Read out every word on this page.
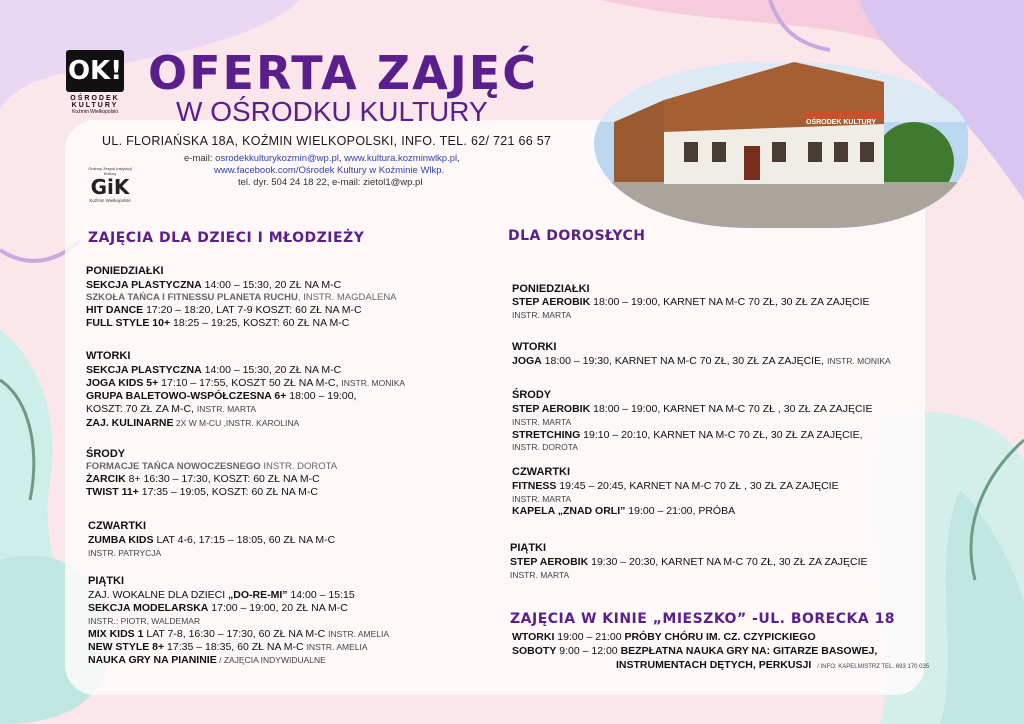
OK!
OŚRODEK
KULTURY
Koźmin Wielkopolski
Gminny Zespół Instytucji Kultury
GiK
Koźmin Wielkopolski
OFERTA ZAJĘĆ
W OŚRODKU KULTURY
UL. FLORIAŃSKA 18A, KOŹMIN WIELKOPOLSKI, INFO. TEL. 62/ 721 66 57
e-mail: osrodekkulturykozmin@wp.pl, www.kultura.kozminwlkp.pl,
www.facebook.com/Ośrodek Kultury w Koźminie Wlkp.
tel. dyr. 504 24 18 22, e-mail: zietol1@wp.pl
OŚRODEK KULTURY
ZAJĘCIA DLA DZIECI I MŁODZIEŻY
PONIEDZIAŁKI
SEKCJA PLASTYCZNA 14:00 – 15:30, 20 ZŁ NA M-C
SZKOŁA TAŃCA I FITNESSU PLANETA RUCHU, INSTR. MAGDALENA
HIT DANCE 17:20 – 18:20, LAT 7-9 KOSZT: 60 ZŁ NA M-C
FULL STYLE 10+ 18:25 – 19:25, KOSZT: 60 ZŁ NA M-C
WTORKI
SEKCJA PLASTYCZNA 14:00 – 15:30, 20 ZŁ NA M-C
JOGA KIDS 5+ 17:10 – 17:55, KOSZT 50 ZŁ NA M-C, INSTR. MONIKA
GRUPA BALETOWO-WSPÓŁCZESNA 6+ 18:00 – 19:00,
KOSZT: 70 ZŁ ZA M-C, INSTR. MARTA
ZAJ. KULINARNE 2X W M-CU ,INSTR. KAROLINA
ŚRODY
FORMACJE TAŃCA NOWOCZESNEGO INSTR. DOROTA
ŻARCIK 8+ 16:30 – 17:30, KOSZT: 60 ZŁ NA M-C
TWIST 11+ 17:35 – 19:05, KOSZT: 60 ZŁ NA M-C
CZWARTKI
ZUMBA KIDS LAT 4-6, 17:15 – 18:05, 60 ZŁ NA M-C
INSTR. PATRYCJA
PIĄTKI
ZAJ. WOKALNE DLA DZIECI „DO-RE-MI” 14:00 – 15:15
SEKCJA MODELARSKA 17:00 – 19:00, 20 ZŁ NA M-C
INSTR.: PIOTR, WALDEMAR
MIX KIDS 1 LAT 7-8, 16:30 – 17:30, 60 ZŁ NA M-C INSTR. AMELIA
NEW STYLE 8+ 17:35 – 18:35, 60 ZŁ NA M-C INSTR. AMELIA
NAUKA GRY NA PIANINIE / ZAJĘCIA INDYWIDUALNE
DLA DOROSŁYCH
PONIEDZIAŁKI
STEP AEROBIK 18:00 – 19:00, KARNET NA M-C 70 ZŁ, 30 ZŁ ZA ZAJĘCIE
INSTR. MARTA
WTORKI
JOGA 18:00 – 19:30, KARNET NA M-C 70 ZŁ, 30 ZŁ ZA ZAJĘCIE, INSTR. MONIKA
ŚRODY
STEP AEROBIK 18:00 – 19:00, KARNET NA M-C 70 ZŁ , 30 ZŁ ZA ZAJĘCIE
INSTR. MARTA
STRETCHING 19:10 – 20:10, KARNET NA M-C 70 ZŁ, 30 ZŁ ZA ZAJĘCIE,
INSTR. DOROTA
CZWARTKI
FITNESS 19:45 – 20:45, KARNET NA M-C 70 ZŁ , 30 ZŁ ZA ZAJĘCIE
INSTR. MARTA
KAPELA „ZNAD ORLI” 19:00 – 21:00, PRÓBA
PIĄTKI
STEP AEROBIK 19:30 – 20:30, KARNET NA M-C 70 ZŁ, 30 ZŁ ZA ZAJĘCIE
INSTR. MARTA
ZAJĘCIA W KINIE „MIESZKO” -UL. BORECKA 18
WTORKI 19:00 – 21:00 PRÓBY CHÓRU IM. CZ. CZYPICKIEGO
SOBOTY 9:00 – 12:00 BEZPŁATNA NAUKA GRY NA: GITARZE BASOWEJ,
INSTRUMENTACH DĘTYCH, PERKUSJI / INFO: KAPELMISTRZ TEL. 693 170 035
